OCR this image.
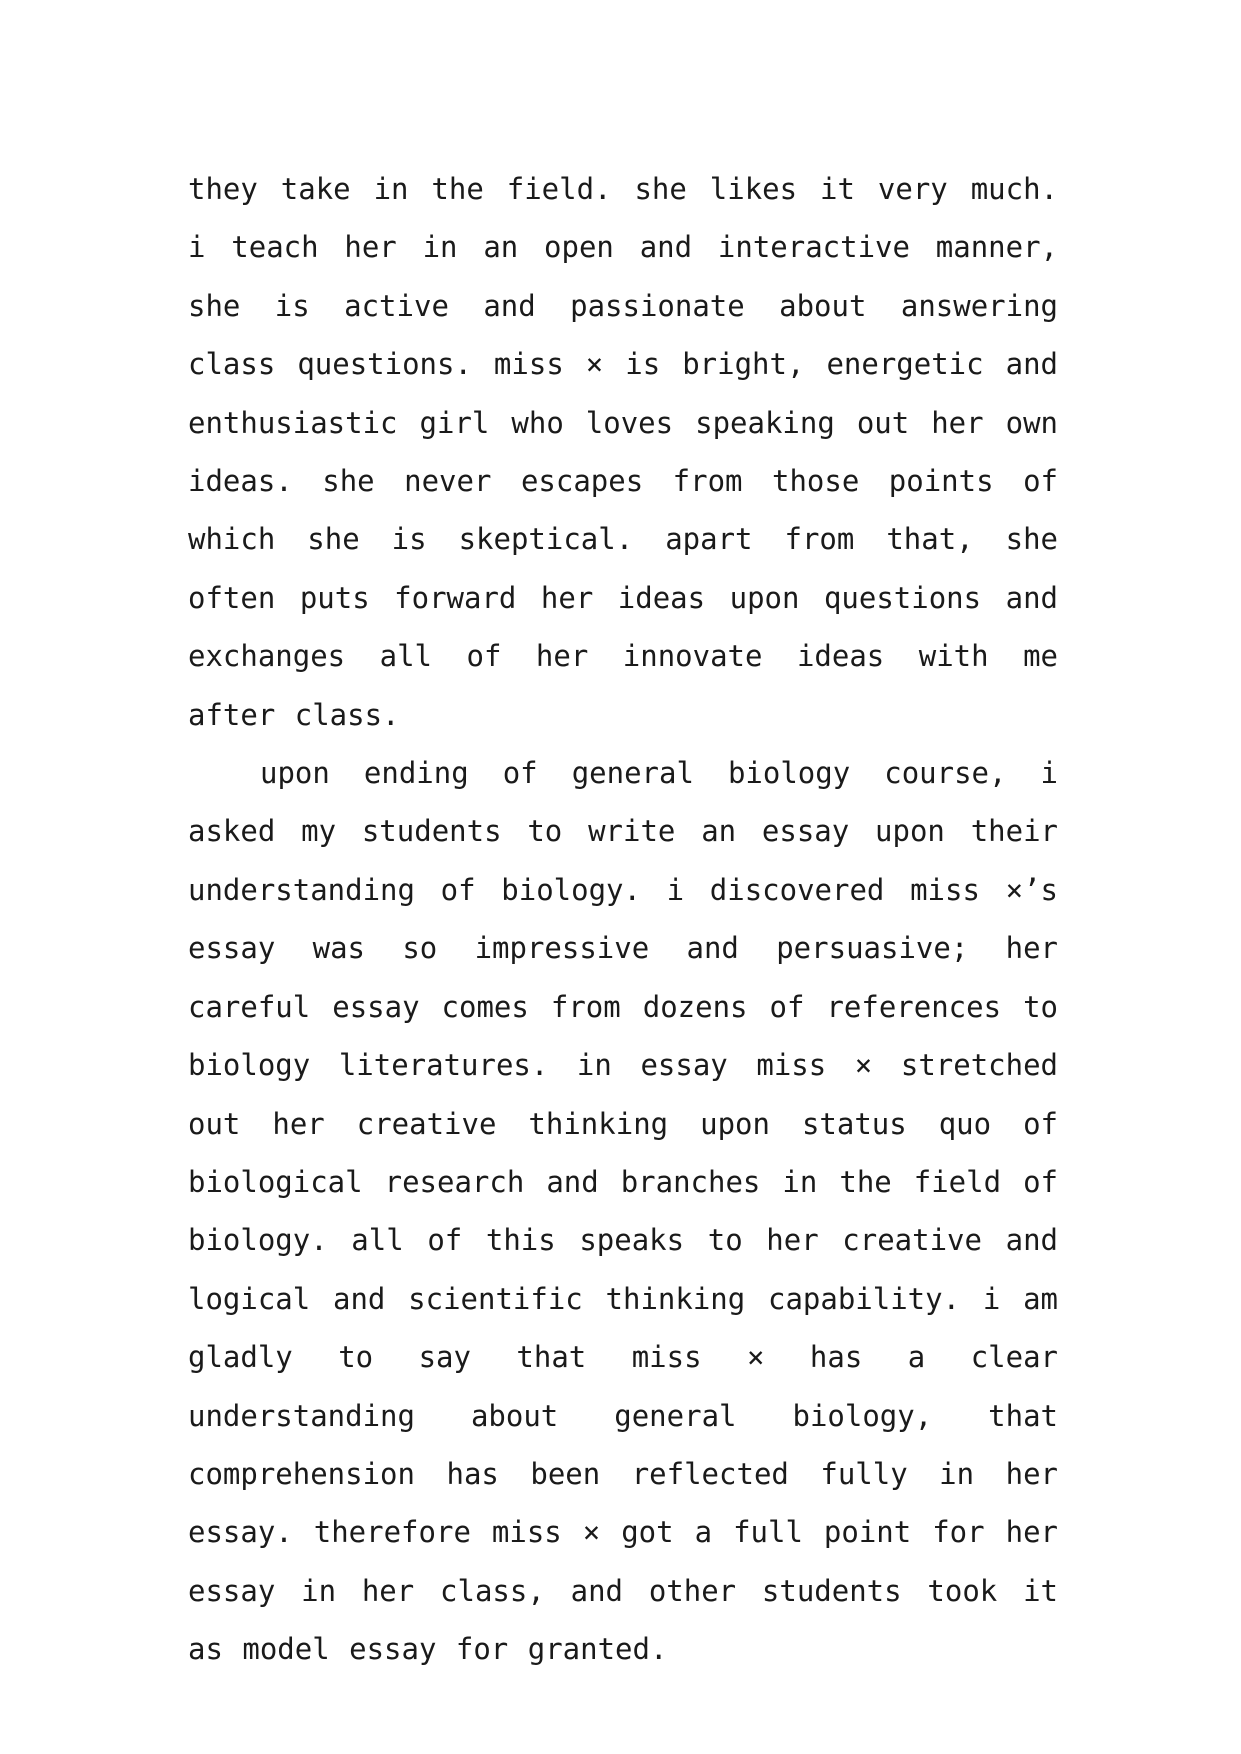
they take in the field. she likes it very much. i teach her in an open and interactive manner, she is active and passionate about answering class questions. miss × is bright, energetic and enthusiastic girl who loves speaking out her own ideas. she never escapes from those points of which she is skeptical. apart from that, she often puts forward her ideas upon questions and exchanges all of her innovate ideas with me after class.

upon ending of general biology course, i asked my students to write an essay upon their understanding of biology. i discovered miss ×’s essay was so impressive and persuasive; her careful essay comes from dozens of references to biology literatures. in essay miss × stretched out her creative thinking upon status quo of biological research and branches in the field of biology. all of this speaks to her creative and logical and scientific thinking capability. i am gladly to say that miss × has a clear understanding about general biology, that comprehension has been reflected fully in her essay. therefore miss × got a full point for her essay in her class, and other students took it as model essay for granted.
